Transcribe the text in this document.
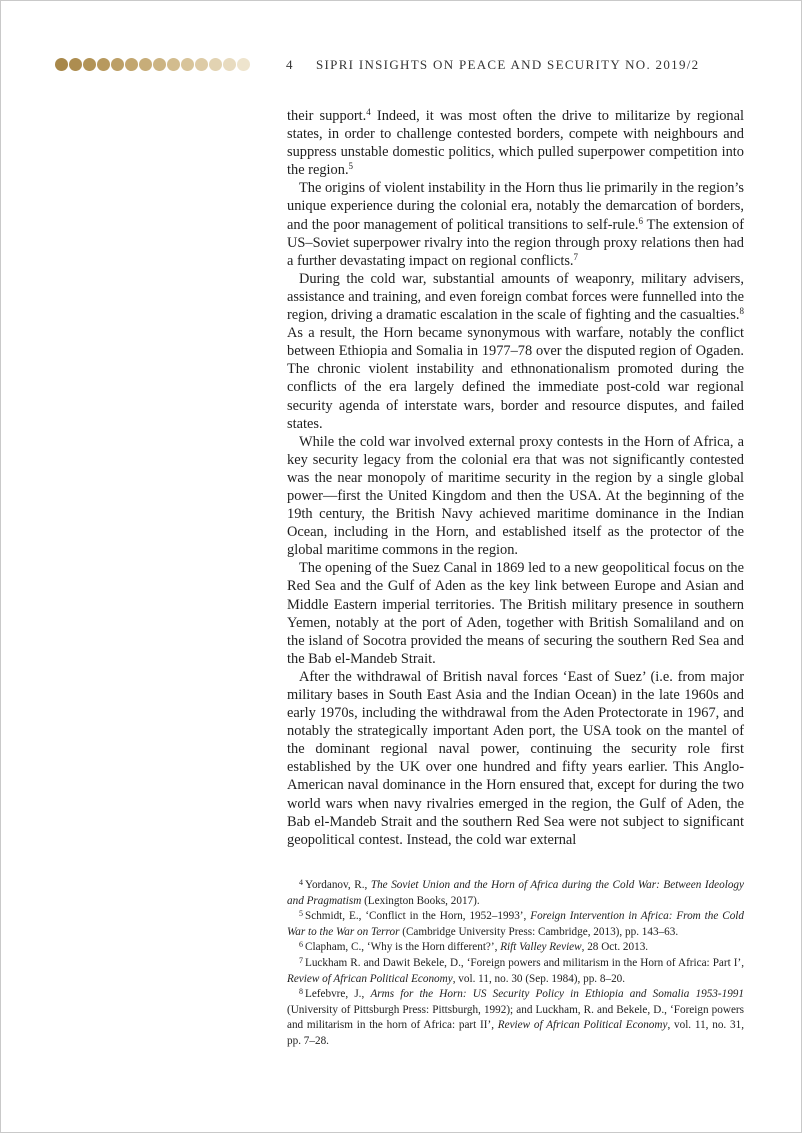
4 SIPRI INSIGHTS ON PEACE AND SECURITY NO. 2019/2

their support.$^4$ Indeed, it was most often the drive to militarize by regional states, in order to challenge contested borders, compete with neighbours and suppress unstable domestic politics, which pulled superpower competition into the region.$^5$

The origins of violent instability in the Horn thus lie primarily in the region’s unique experience during the colonial era, notably the demarcation of borders, and the poor management of political transitions to self-rule.$^6$ The extension of US–Soviet superpower rivalry into the region through proxy relations then had a further devastating impact on regional conflicts.$^7$

During the cold war, substantial amounts of weaponry, military advisers, assistance and training, and even foreign combat forces were funnelled into the region, driving a dramatic escalation in the scale of fighting and the casualties.$^8$ As a result, the Horn became synonymous with warfare, notably the conflict between Ethiopia and Somalia in 1977–78 over the disputed region of Ogaden. The chronic violent instability and ethnonationalism promoted during the conflicts of the era largely defined the immediate post-cold war regional security agenda of interstate wars, border and resource disputes, and failed states.

While the cold war involved external proxy contests in the Horn of Africa, a key security legacy from the colonial era that was not significantly contested was the near monopoly of maritime security in the region by a single global power—first the United Kingdom and then the USA. At the beginning of the 19th century, the British Navy achieved maritime dominance in the Indian Ocean, including in the Horn, and established itself as the protector of the global maritime commons in the region.

The opening of the Suez Canal in 1869 led to a new geopolitical focus on the Red Sea and the Gulf of Aden as the key link between Europe and Asian and Middle Eastern imperial territories. The British military presence in southern Yemen, notably at the port of Aden, together with British Somaliland and on the island of Socotra provided the means of securing the southern Red Sea and the Bab el-Mandeb Strait.

After the withdrawal of British naval forces ‘East of Suez’ (i.e. from major military bases in South East Asia and the Indian Ocean) in the late 1960s and early 1970s, including the withdrawal from the Aden Protectorate in 1967, and notably the strategically important Aden port, the USA took on the mantel of the dominant regional naval power, continuing the security role first established by the UK over one hundred and fifty years earlier. This Anglo-American naval dominance in the Horn ensured that, except for during the two world wars when navy rivalries emerged in the region, the Gulf of Aden, the Bab el-Mandeb Strait and the southern Red Sea were not subject to significant geopolitical contest. Instead, the cold war external

$^4$ Yordanov, R., The Soviet Union and the Horn of Africa during the Cold War: Between Ideology and Pragmatism (Lexington Books, 2017).

$^5$ Schmidt, E., ‘Conflict in the Horn, 1952–1993’, Foreign Intervention in Africa: From the Cold War to the War on Terror (Cambridge University Press: Cambridge, 2013), pp. 143–63.

$^6$ Clapham, C., ‘Why is the Horn different?’, Rift Valley Review, 28 Oct. 2013.

$^7$ Luckham R. and Dawit Bekele, D., ‘Foreign powers and militarism in the Horn of Africa: Part I’, Review of African Political Economy, vol. 11, no. 30 (Sep. 1984), pp. 8–20.

$^8$ Lefebvre, J., Arms for the Horn: US Security Policy in Ethiopia and Somalia 1953-1991 (University of Pittsburgh Press: Pittsburgh, 1992); and Luckham, R. and Bekele, D., ‘Foreign powers and militarism in the horn of Africa: part II’, Review of African Political Economy, vol. 11, no. 31, pp. 7–28.
